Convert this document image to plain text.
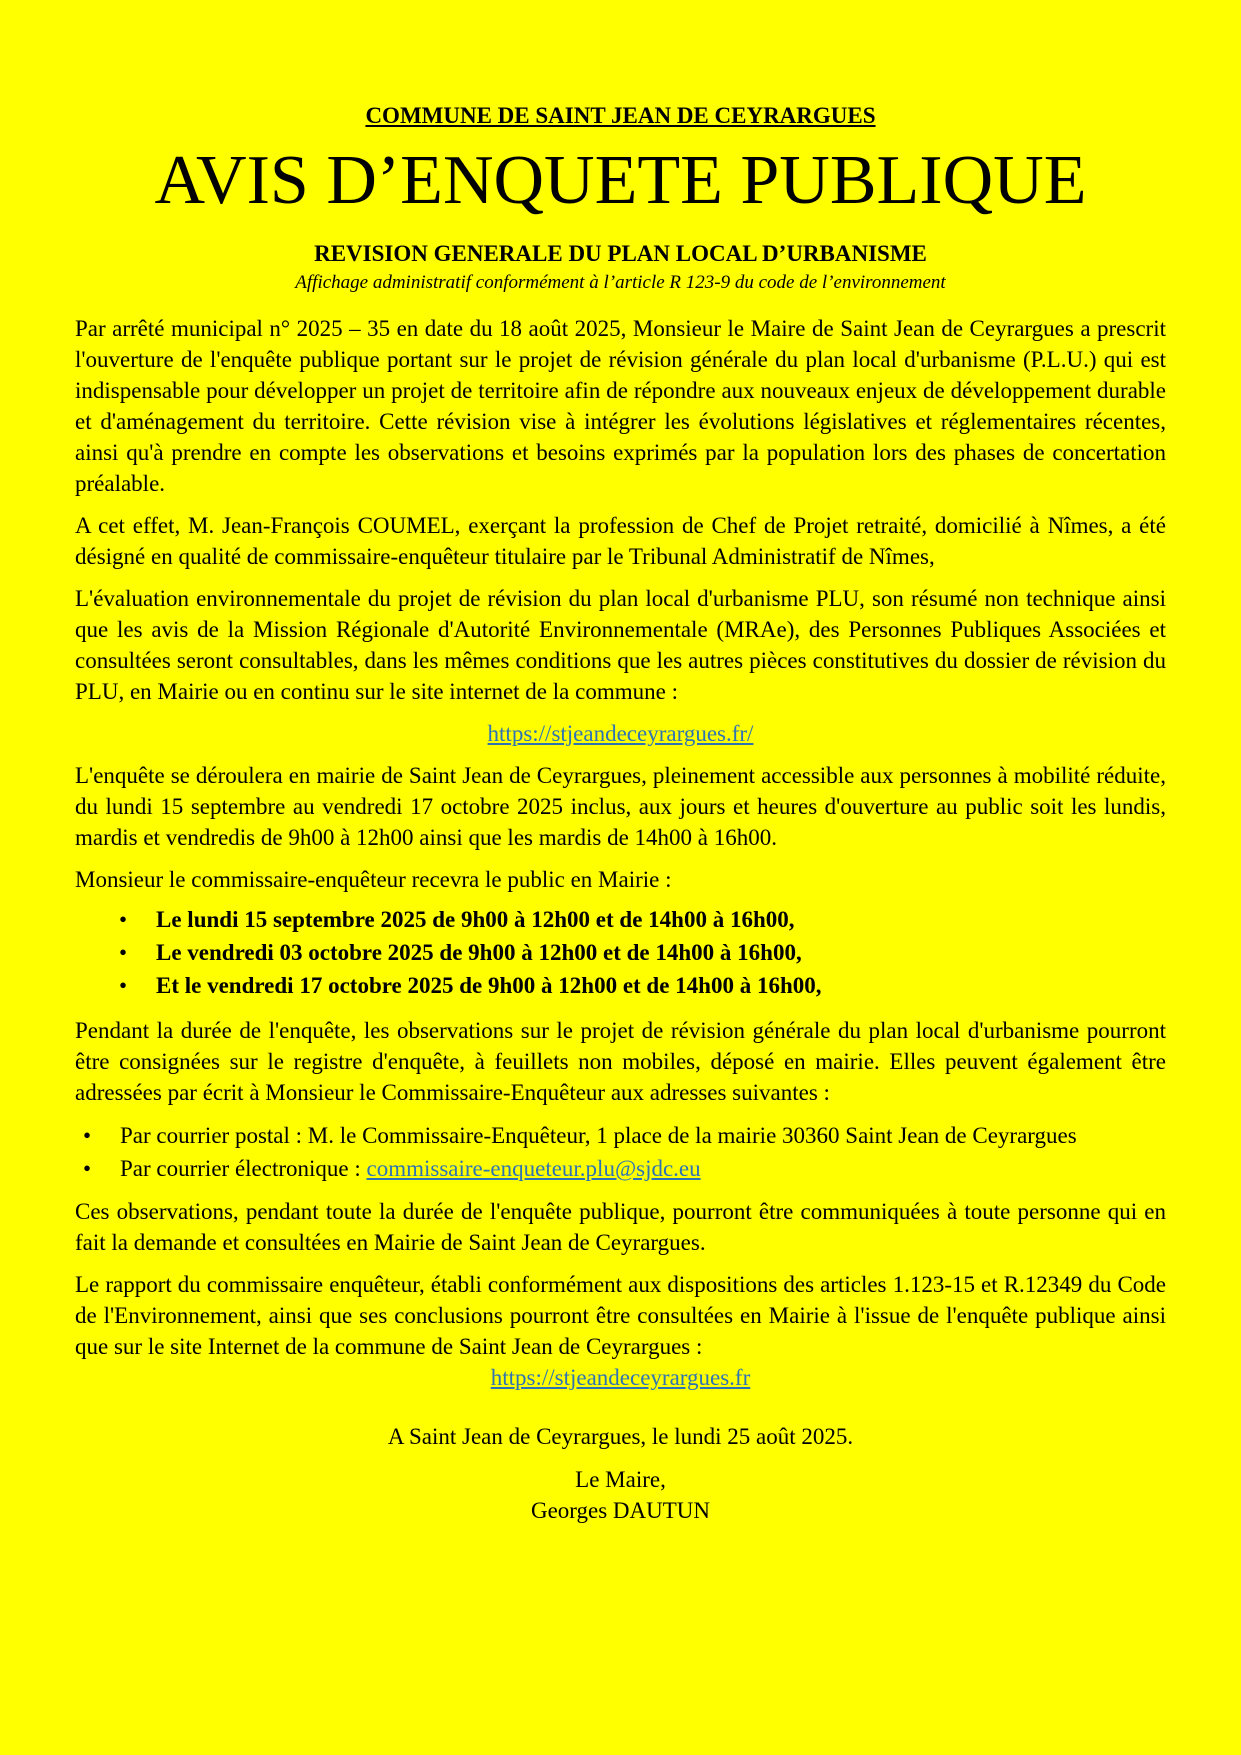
COMMUNE DE SAINT JEAN DE CEYRARGUES
AVIS D’ENQUETE PUBLIQUE
REVISION GENERALE DU PLAN LOCAL D’URBANISME
Affichage administratif conformément à l’article R 123-9 du code de l’environnement

Par arrêté municipal n° 2025 – 35 en date du 18 août 2025, Monsieur le Maire de Saint Jean de Ceyrargues a prescrit l'ouverture de l'enquête publique portant sur le projet de révision générale du plan local d'urbanisme (P.L.U.) qui est indispensable pour développer un projet de territoire afin de répondre aux nouveaux enjeux de développement durable et d'aménagement du territoire. Cette révision vise à intégrer les évolutions législatives et réglementaires récentes, ainsi qu'à prendre en compte les observations et besoins exprimés par la population lors des phases de concertation préalable.

A cet effet, M. Jean-François COUMEL, exerçant la profession de Chef de Projet retraité, domicilié à Nîmes, a été désigné en qualité de commissaire-enquêteur titulaire par le Tribunal Administratif de Nîmes,

L'évaluation environnementale du projet de révision du plan local d'urbanisme PLU, son résumé non technique ainsi que les avis de la Mission Régionale d'Autorité Environnementale (MRAe), des Personnes Publiques Associées et consultées seront consultables, dans les mêmes conditions que les autres pièces constitutives du dossier de révision du PLU, en Mairie ou en continu sur le site internet de la commune :

https://stjeandeceyrargues.fr/

L'enquête se déroulera en mairie de Saint Jean de Ceyrargues, pleinement accessible aux personnes à mobilité réduite, du lundi 15 septembre au vendredi 17 octobre 2025 inclus, aux jours et heures d'ouverture au public soit les lundis, mardis et vendredis de 9h00 à 12h00 ainsi que les mardis de 14h00 à 16h00.

Monsieur le commissaire-enquêteur recevra le public en Mairie :

• Le lundi 15 septembre 2025 de 9h00 à 12h00 et de 14h00 à 16h00,
• Le vendredi 03 octobre 2025 de 9h00 à 12h00 et de 14h00 à 16h00,
• Et le vendredi 17 octobre 2025 de 9h00 à 12h00 et de 14h00 à 16h00,

Pendant la durée de l'enquête, les observations sur le projet de révision générale du plan local d'urbanisme pourront être consignées sur le registre d'enquête, à feuillets non mobiles, déposé en mairie. Elles peuvent également être adressées par écrit à Monsieur le Commissaire-Enquêteur aux adresses suivantes :

• Par courrier postal : M. le Commissaire-Enquêteur, 1 place de la mairie 30360 Saint Jean de Ceyrargues
• Par courrier électronique : commissaire-enqueteur.plu@sjdc.eu

Ces observations, pendant toute la durée de l'enquête publique, pourront être communiquées à toute personne qui en fait la demande et consultées en Mairie de Saint Jean de Ceyrargues.

Le rapport du commissaire enquêteur, établi conformément aux dispositions des articles 1.123-15 et R.12349 du Code de l'Environnement, ainsi que ses conclusions pourront être consultées en Mairie à l'issue de l'enquête publique ainsi que sur le site Internet de la commune de Saint Jean de Ceyrargues :

https://stjeandeceyrargues.fr
A Saint Jean de Ceyrargues, le lundi 25 août 2025.
Le Maire,
Georges DAUTUN
